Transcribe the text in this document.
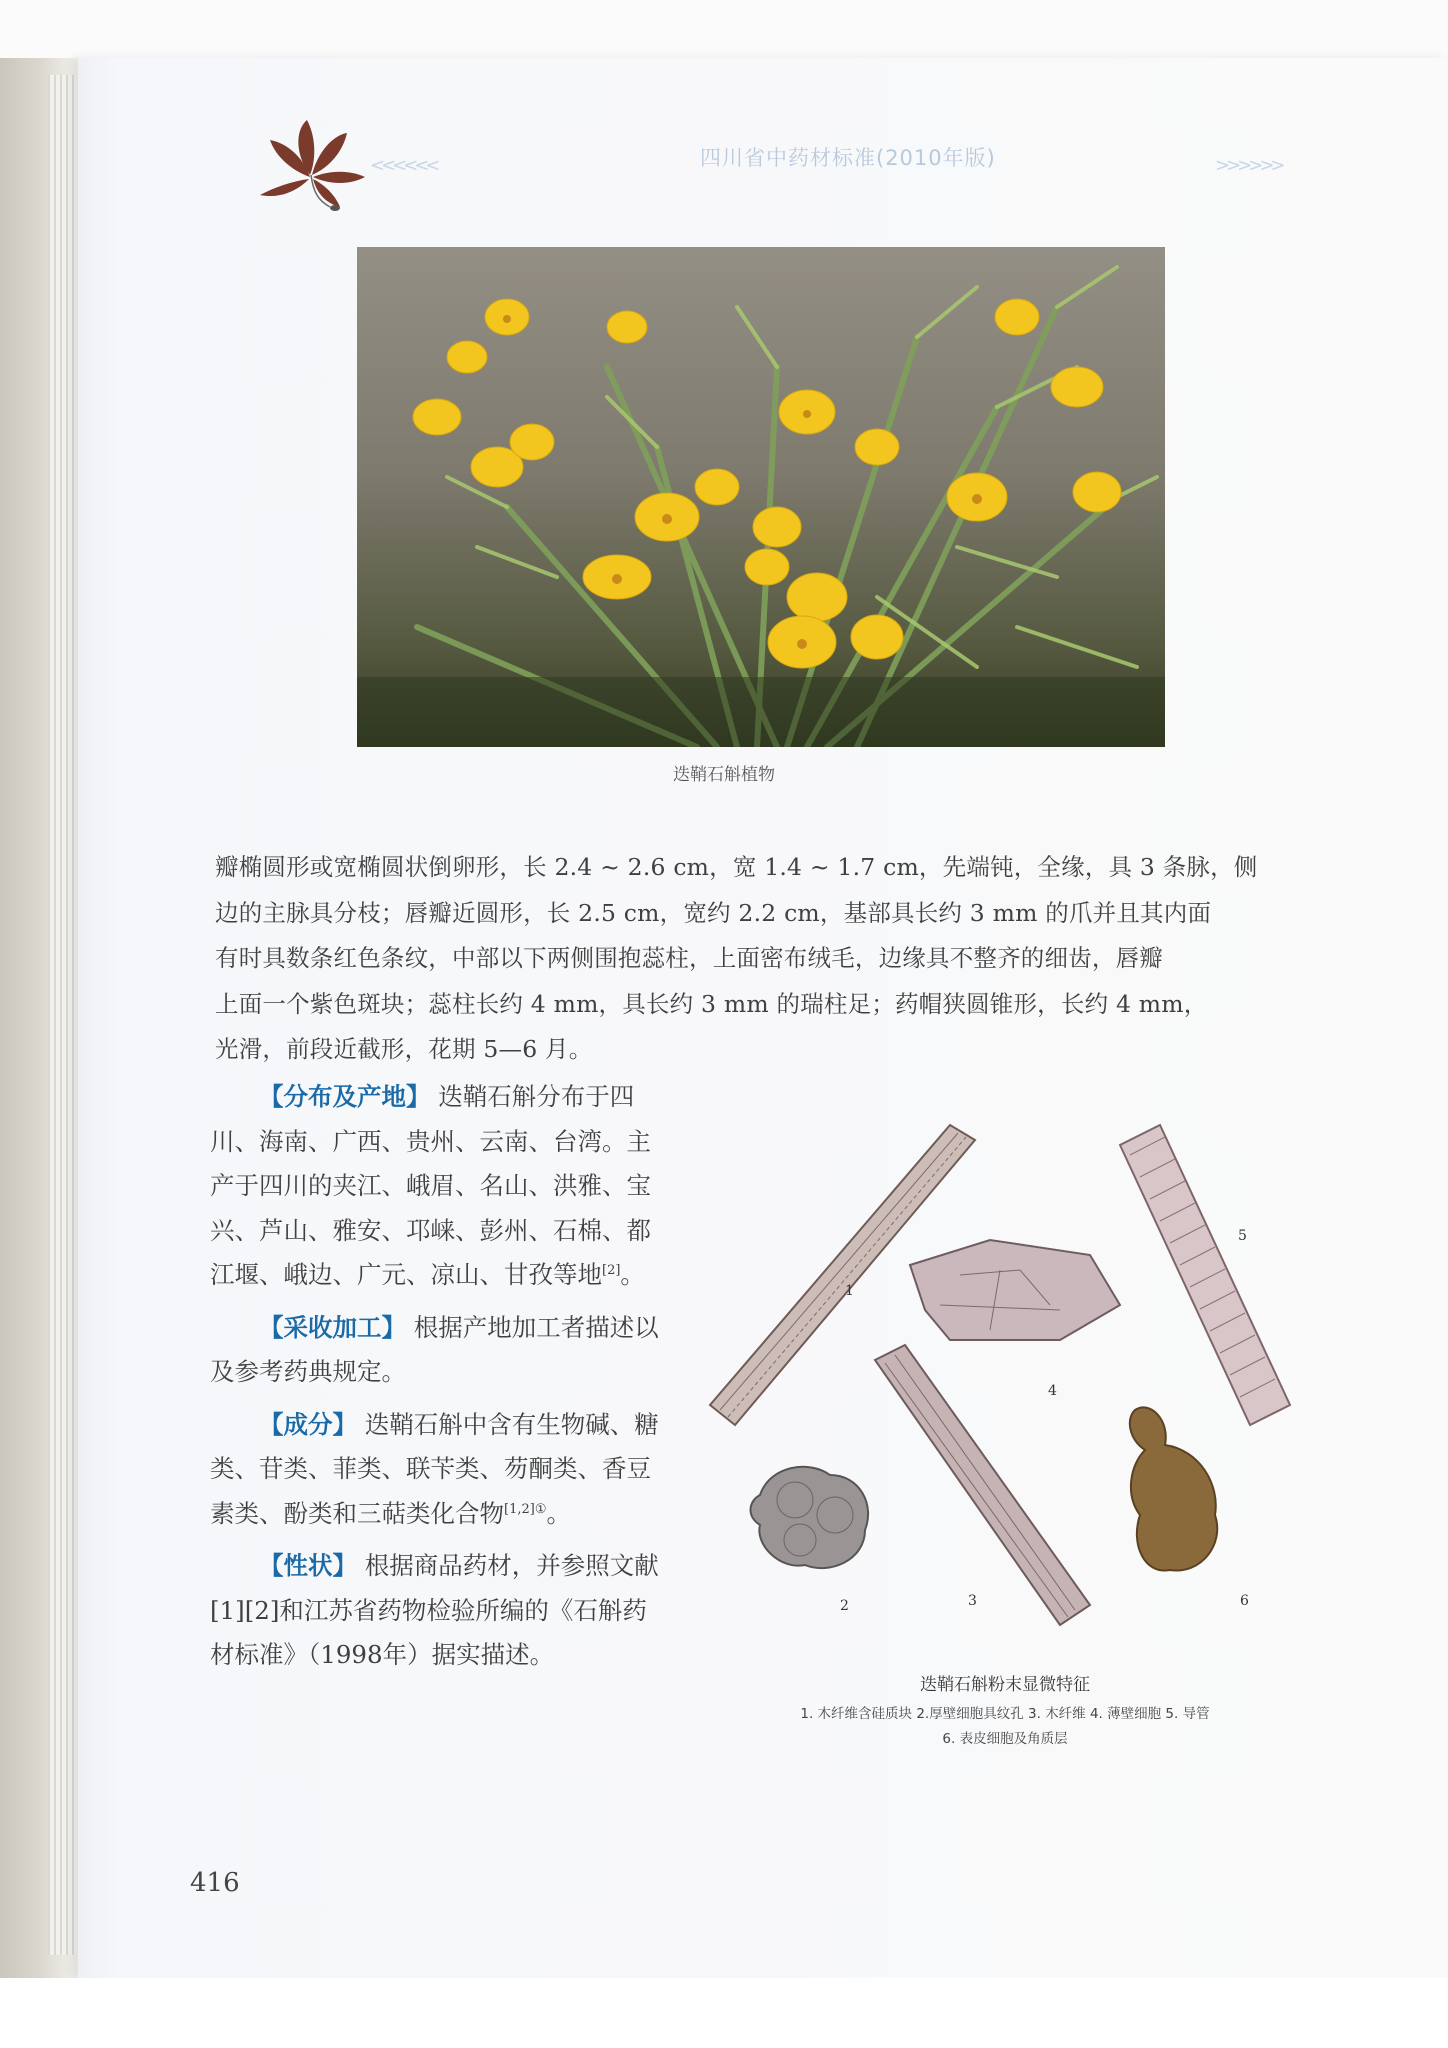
<<<<<<	四川省中药材标准(2010年版)	>>>>>>
迭鞘石斛植物
瓣椭圆形或宽椭圆状倒卵形，长 2.4 ~ 2.6 cm，宽 1.4 ~ 1.7 cm，先端钝，全缘，具 3 条脉，侧
边的主脉具分枝；唇瓣近圆形，长 2.5 cm，宽约 2.2 cm，基部具长约 3 mm 的爪并且其内面
有时具数条红色条纹，中部以下两侧围抱蕊柱，上面密布绒毛，边缘具不整齐的细齿，唇瓣
上面一个紫色斑块；蕊柱长约 4 mm，具长约 3 mm 的瑞柱足；药帽狭圆锥形，长约 4 mm，
光滑，前段近截形，花期 5—6 月。

【分布及产地】 迭鞘石斛分布于四川、海南、广西、贵州、云南、台湾。主产于四川的夹江、峨眉、名山、洪雅、宝兴、芦山、雅安、邛崃、彭州、石棉、都江堰、峨边、广元、凉山、甘孜等地[2]。

【采收加工】 根据产地加工者描述以及参考药典规定。

【成分】 迭鞘石斛中含有生物碱、糖类、苷类、菲类、联苄类、芴酮类、香豆素类、酚类和三萜类化合物$^{[1,2]①}$。

【性状】 根据商品药材，并参照文献[1][2]和江苏省药物检验所编的《石斛药材标准》（1998年）据实描述。

1
2	3
4
5
6
迭鞘石斛粉末显微特征
1. 木纤维含硅质块 2.厚壁细胞具纹孔 3. 木纤维 4. 薄壁细胞 5. 导管
6. 表皮细胞及角质层
416
